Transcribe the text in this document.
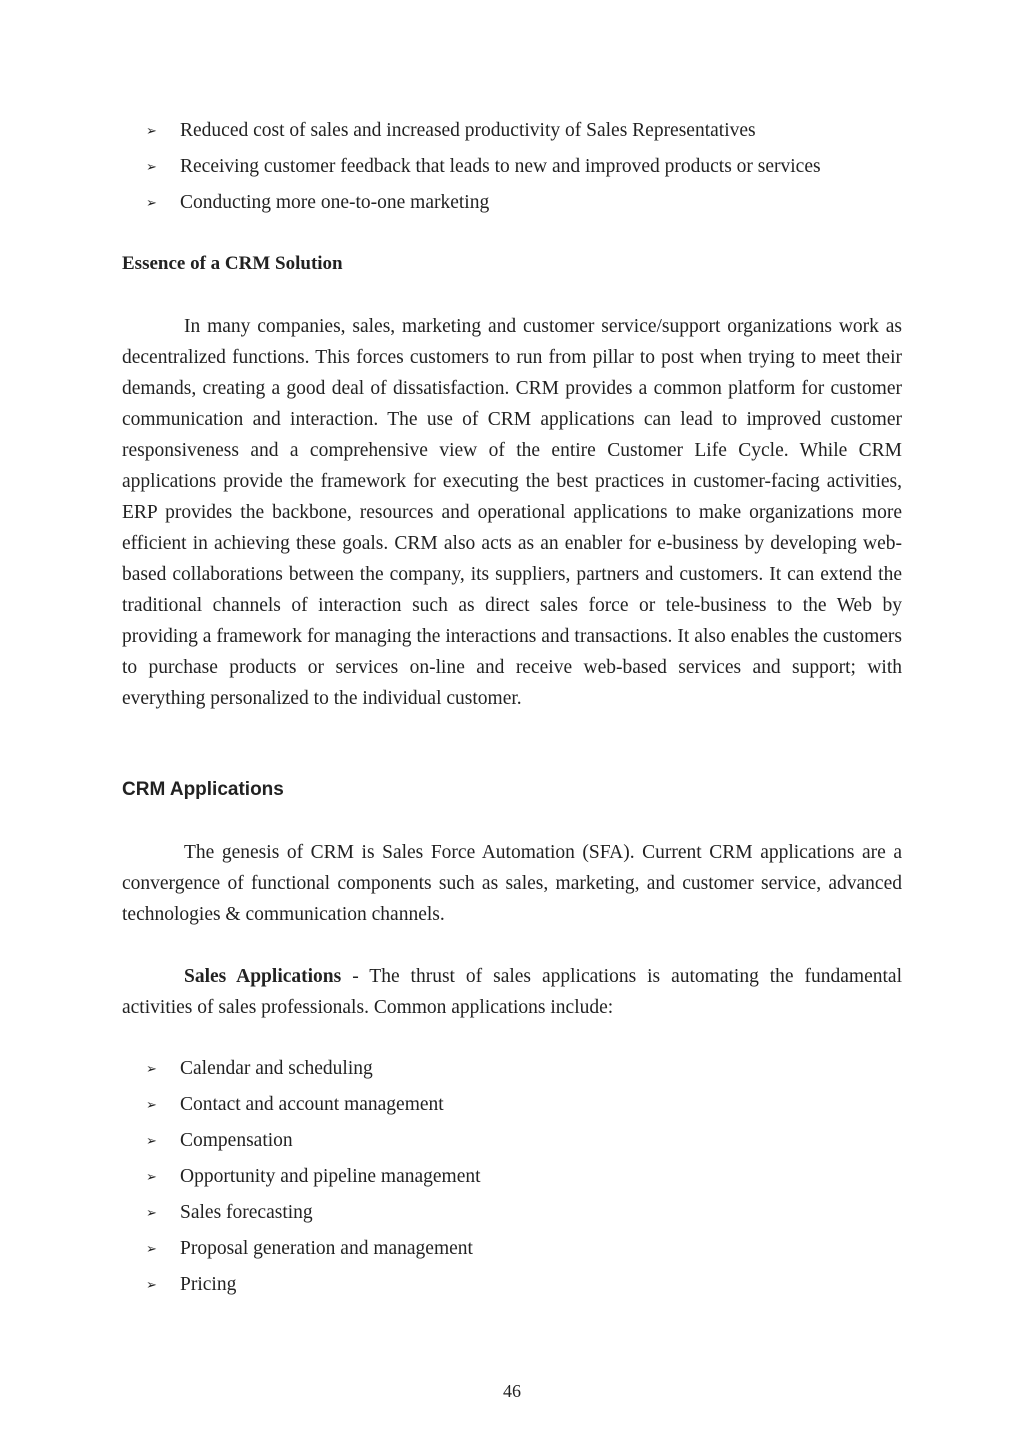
➢ Reduced cost of sales and increased productivity of Sales Representatives
➢ Receiving customer feedback that leads to new and improved products or services
➢ Conducting more one-to-one marketing
Essence of a CRM Solution

In many companies, sales, marketing and customer service/support organizations work as decentralized functions. This forces customers to run from pillar to post when trying to meet their demands, creating a good deal of dissatisfaction. CRM provides a common platform for customer communication and interaction. The use of CRM applications can lead to improved customer responsiveness and a comprehensive view of the entire Customer Life Cycle. While CRM applications provide the framework for executing the best practices in customer-facing activities, ERP provides the backbone, resources and operational applications to make organizations more efficient in achieving these goals. CRM also acts as an enabler for e-business by developing web-based collaborations between the company, its suppliers, partners and customers. It can extend the traditional channels of interaction such as direct sales force or tele-business to the Web by providing a framework for managing the interactions and transactions. It also enables the customers to purchase products or services on-line and receive web-based services and support; with everything personalized to the individual customer.

CRM Applications

The genesis of CRM is Sales Force Automation (SFA). Current CRM applications are a convergence of functional components such as sales, marketing, and customer service, advanced technologies & communication channels.

Sales Applications - The thrust of sales applications is automating the fundamental activities of sales professionals. Common applications include:

➢ Calendar and scheduling
➢ Contact and account management
➢ Compensation
➢ Opportunity and pipeline management
➢ Sales forecasting
➢ Proposal generation and management
➢ Pricing
46
